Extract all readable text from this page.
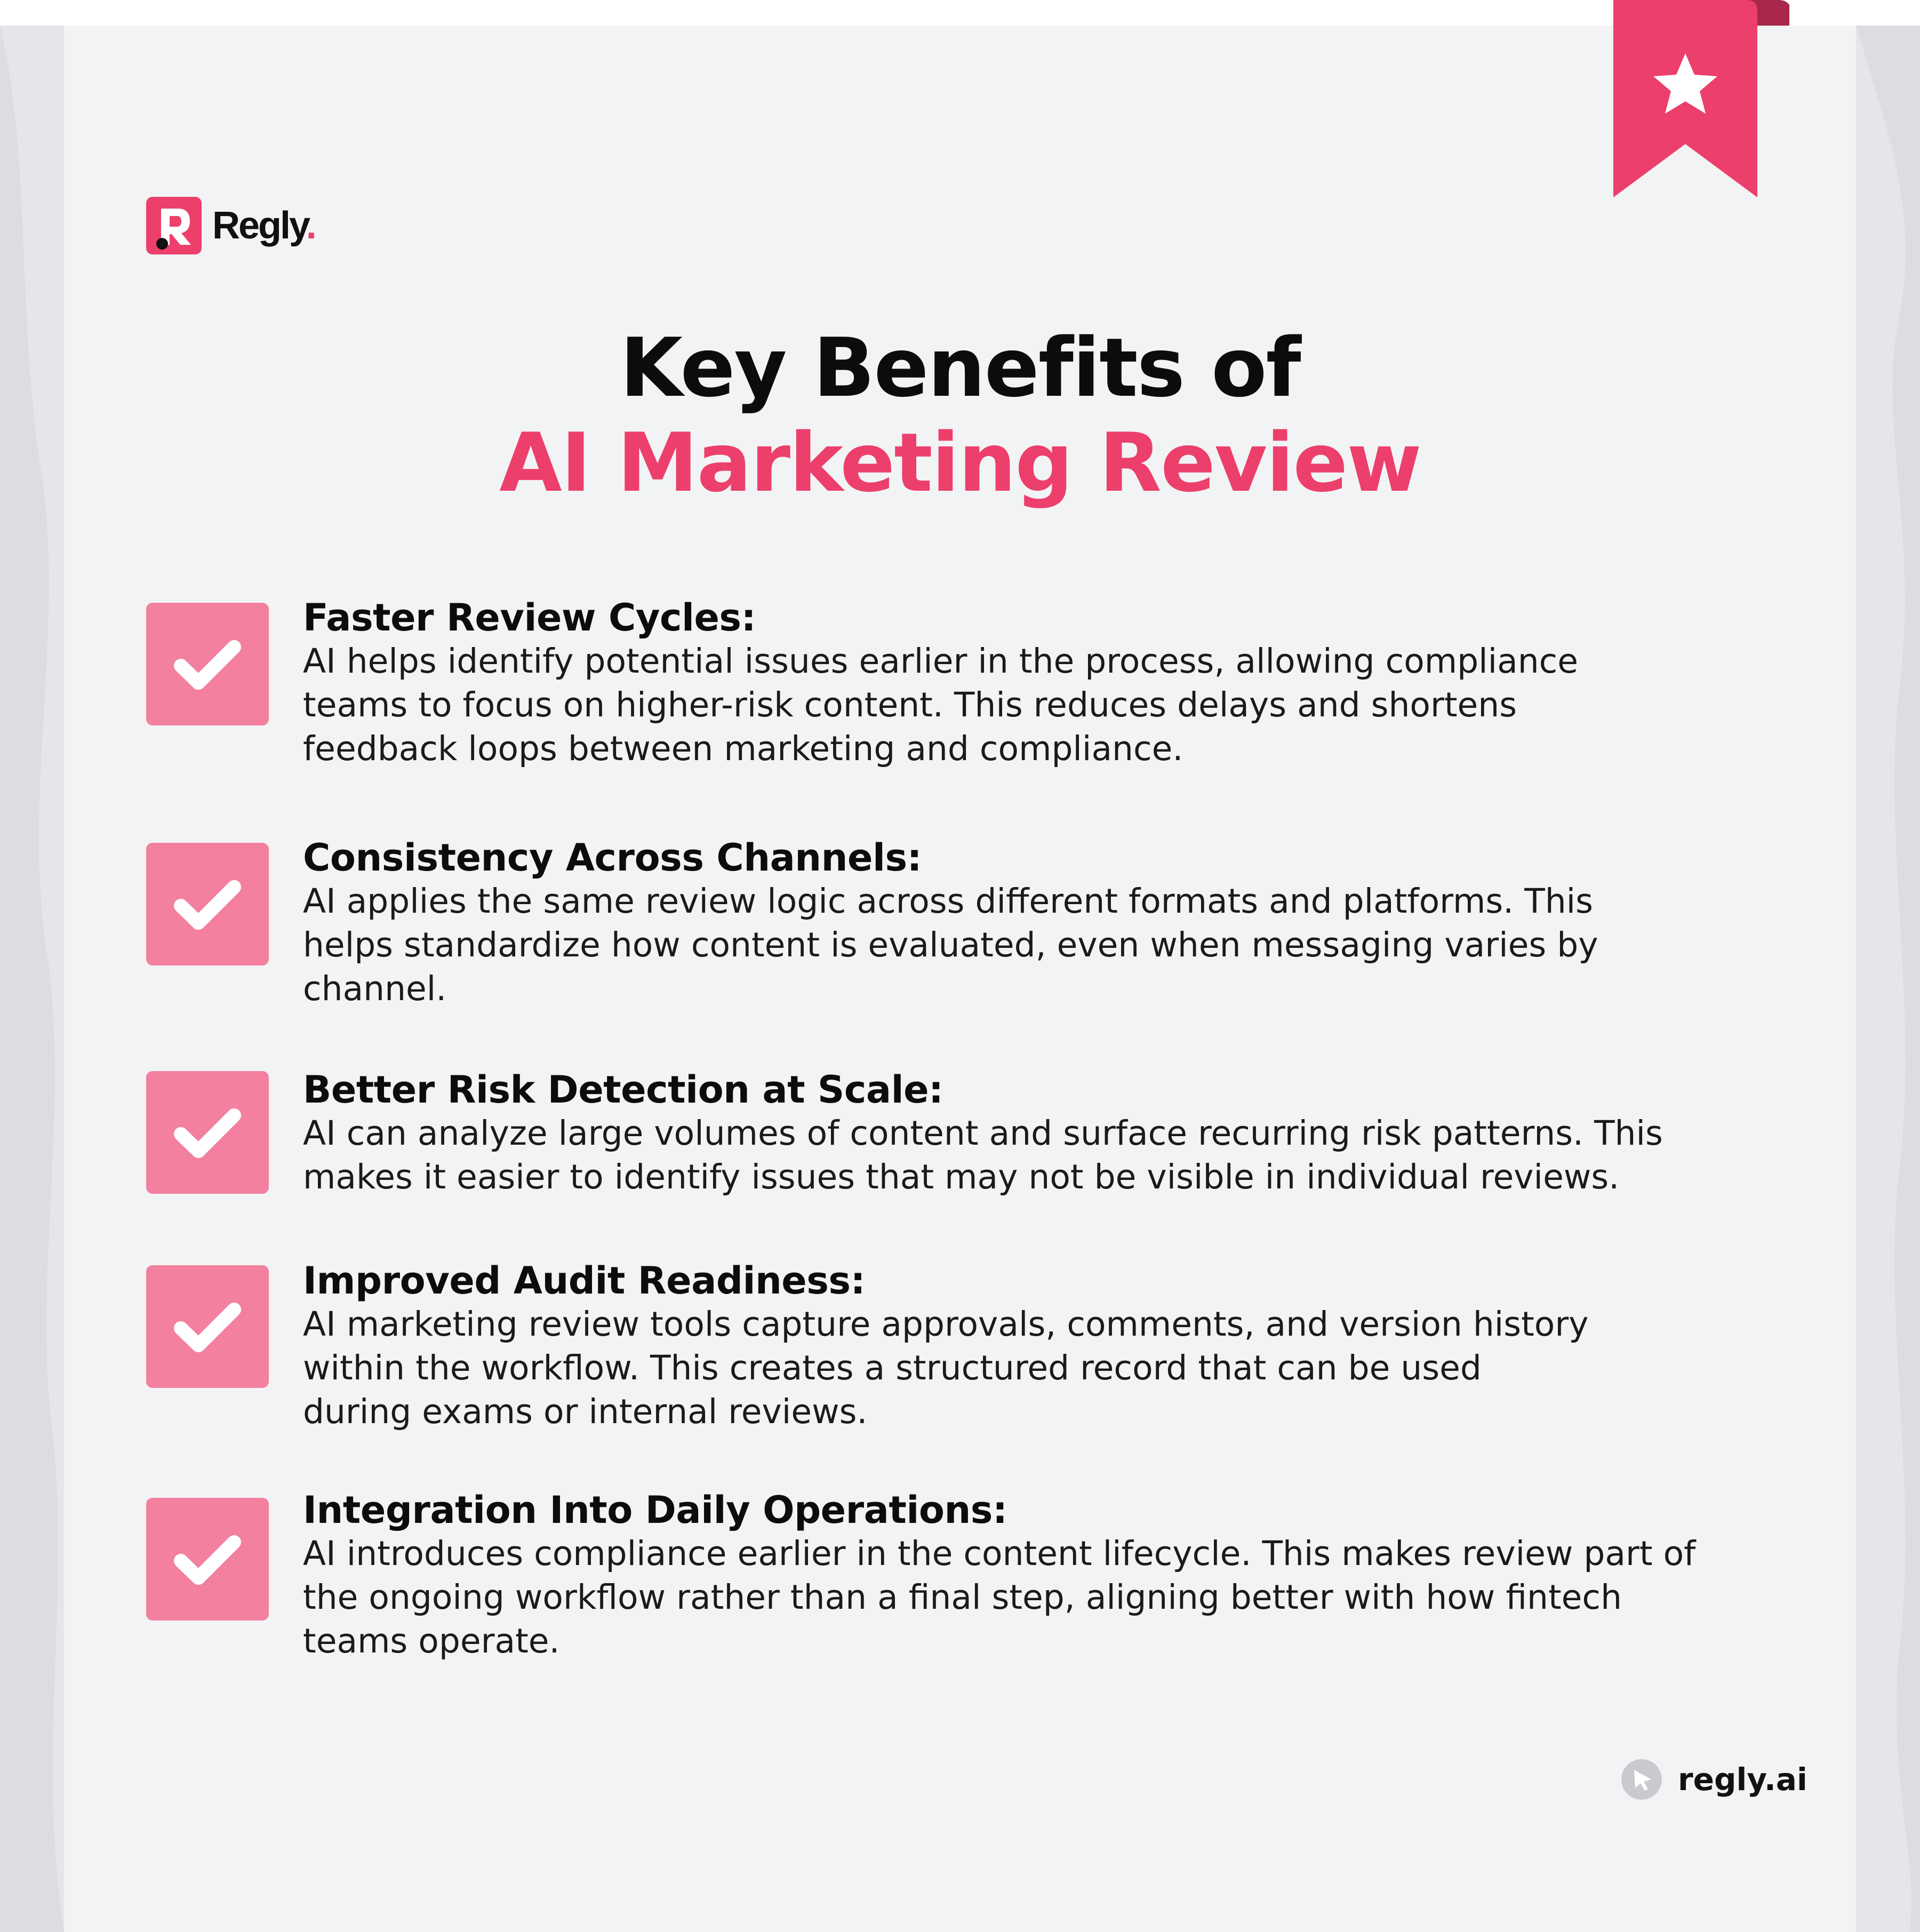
Regly.
Key Benefits of
AI Marketing Review
Faster Review Cycles:
AI helps identify potential issues earlier in the process, allowing compliance
teams to focus on higher-risk content. This reduces delays and shortens
feedback loops between marketing and compliance.
Consistency Across Channels:
AI applies the same review logic across different formats and platforms. This
helps standardize how content is evaluated, even when messaging varies by
channel.
Better Risk Detection at Scale:
AI can analyze large volumes of content and surface recurring risk patterns. This
makes it easier to identify issues that may not be visible in individual reviews.
Improved Audit Readiness:
AI marketing review tools capture approvals, comments, and version history
within the workflow. This creates a structured record that can be used
during exams or internal reviews.
Integration Into Daily Operations:
AI introduces compliance earlier in the content lifecycle. This makes review part of
the ongoing workflow rather than a final step, aligning better with how fintech
teams operate.
regly.ai
